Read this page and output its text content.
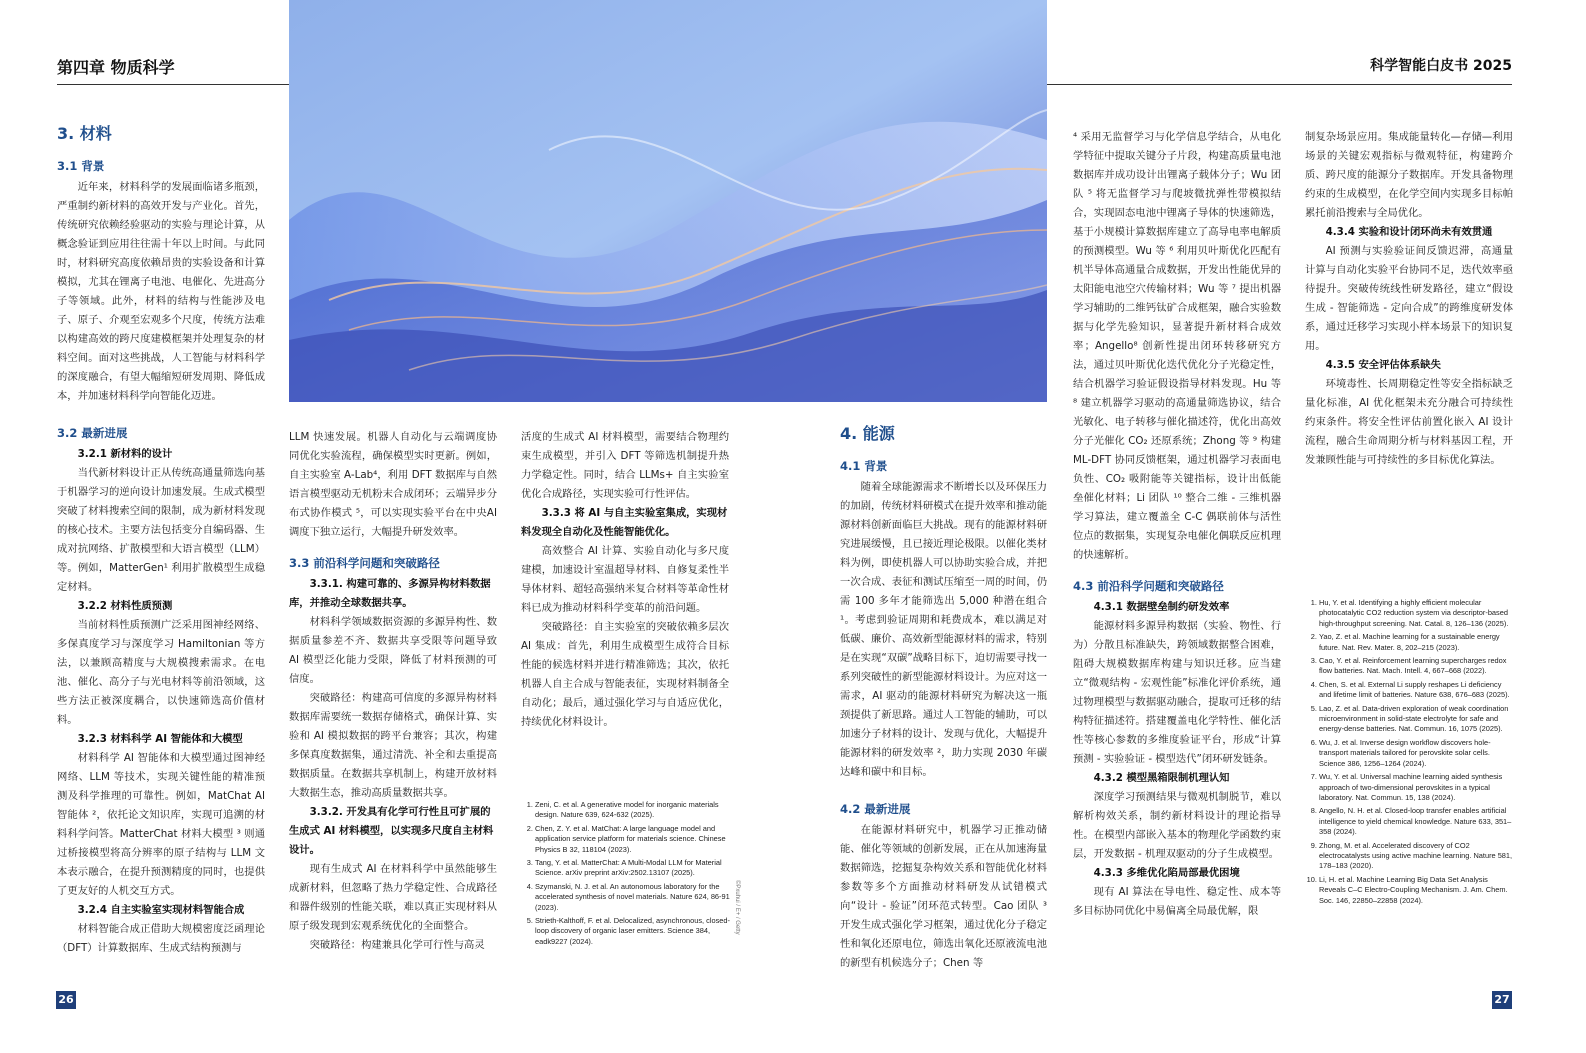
第四章 物质科学	科学智能白皮书 2025
3. 材料
3.1 背景

近年来，材料科学的发展面临诸多瓶颈，严重制约新材料的高效开发与产业化。首先，传统研究依赖经验驱动的实验与理论计算，从概念验证到应用往往需十年以上时间。与此同时，材料研究高度依赖昂贵的实验设备和计算模拟，尤其在锂离子电池、电催化、先进高分子等领域。此外，材料的结构与性能涉及电子、原子、介观至宏观多个尺度，传统方法难以构建高效的跨尺度建模框架并处理复杂的材料空间。面对这些挑战，人工智能与材料科学的深度融合，有望大幅缩短研发周期、降低成本，并加速材料科学向智能化迈进。

3.2 最新进展
3.2.1 新材料的设计

当代新材料设计正从传统高通量筛选向基于机器学习的逆向设计加速发展。生成式模型突破了材料搜索空间的限制，成为新材料发现的核心技术。主要方法包括变分自编码器、生成对抗网络、扩散模型和大语言模型（LLM）等。例如，MatterGen¹ 利用扩散模型生成稳定材料。

3.2.2 材料性质预测

当前材料性质预测广泛采用图神经网络、多保真度学习与深度学习 Hamiltonian 等方法，以兼顾高精度与大规模搜索需求。在电池、催化、高分子与光电材料等前沿领域，这些方法正被深度耦合，以快速筛选高价值材料。

3.2.3 材料科学 AI 智能体和大模型

材料科学 AI 智能体和大模型通过图神经网络、LLM 等技术，实现关键性能的精准预测及科学推理的可靠性。例如，MatChat AI 智能体 ²，依托论文知识库，实现可追溯的材料科学问答。MatterChat 材料大模型 ³ 则通过桥接模型将高分辨率的原子结构与 LLM 文本表示融合，在提升预测精度的同时，也提供了更友好的人机交互方式。

3.2.4 自主实验室实现材料智能合成

材料智能合成正借助大规模密度泛函理论（DFT）计算数据库、生成式结构预测与

LLM 快速发展。机器人自动化与云端调度协同优化实验流程，确保模型实时更新。例如，自主实验室 A-Lab⁴，利用 DFT 数据库与自然语言模型驱动无机粉末合成闭环；云端异步分布式协作模式 ⁵，可以实现实验平台在中央AI 调度下独立运行，大幅提升研发效率。

3.3 前沿科学问题和突破路径
3.3.1. 构建可靠的、多源异构材料数据库，并推动全球数据共享。

材料科学领域数据资源的多源异构性、数据质量参差不齐、数据共享受限等问题导致 AI 模型泛化能力受限，降低了材料预测的可信度。

突破路径：构建高可信度的多源异构材料数据库需要统一数据存储格式，确保计算、实验和 AI 模拟数据的跨平台兼容；其次，构建多保真度数据集，通过清洗、补全和去重提高数据质量。在数据共享机制上，构建开放材料大数据生态，推动高质量数据共享。

3.3.2. 开发具有化学可行性且可扩展的生成式 AI 材料模型，以实现多尺度自主材料设计。

现有生成式 AI 在材料科学中虽然能够生成新材料，但忽略了热力学稳定性、合成路径和器件级别的性能关联，难以真正实现材料从原子级发现到宏观系统优化的全面整合。

突破路径：构建兼具化学可行性与高灵

活度的生成式 AI 材料模型，需要结合物理约束生成模型，并引入 DFT 等筛选机制提升热力学稳定性。同时，结合 LLMs+ 自主实验室优化合成路径，实现实验可行性评估。

3.3.3 将 AI 与自主实验室集成，实现材料发现全自动化及性能智能优化。

高效整合 AI 计算、实验自动化与多尺度建模，加速设计室温超导材料、自修复柔性半导体材料、超轻高强纳米复合材料等革命性材料已成为推动材料科学变革的前沿问题。

突破路径：自主实验室的突破依赖多层次 AI 集成：首先，利用生成模型生成符合目标性能的候选材料并进行精准筛选；其次，依托机器人自主合成与智能表征，实现材料制备全自动化；最后，通过强化学习与自适应优化，持续优化材料设计。

1. Zeni, C. et al. A generative model for inorganic materials design. Nature 639, 624-632 (2025).
2. Chen, Z. Y. et al. MatChat: A large language model and application service platform for materials science. Chinese Physics B 32, 118104 (2023).
3. Tang, Y. et al. MatterChat: A Multi-Modal LLM for Material Science. arXiv preprint arXiv:2502.13107 (2025).
4. Szymanski, N. J. et al. An autonomous laboratory for the accelerated synthesis of novel materials. Nature 624, 86-91 (2023).
5. Strieth-Kalthoff, F. et al. Delocalized, asynchronous, closed-loop discovery of organic laser emitters. Science 384, eadk9227 (2024).
©Pxuhui / E+ / Getty
4. 能源
4.1 背景

随着全球能源需求不断增长以及环保压力的加剧，传统材料研模式在提升效率和推动能源材料创新面临巨大挑战。现有的能源材料研究进展缓慢，且已接近理论极限。以催化类材料为例，即使机器人可以协助实验合成，并把一次合成、表征和测试压缩至一周的时间，仍需 100 多年才能筛选出 5,000 种潜在组合 ¹。考虑到验证周期和耗费成本，难以满足对低碳、廉价、高效新型能源材料的需求，特别是在实现“双碳”战略目标下，迫切需要寻找一系列突破性的新型能源材料设计。为应对这一需求，AI 驱动的能源材料研究为解决这一瓶颈提供了新思路。通过人工智能的辅助，可以加速分子材料的设计、发现与优化，大幅提升能源材料的研发效率 ²，助力实现 2030 年碳达峰和碳中和目标。

4.2 最新进展

在能源材料研究中，机器学习正推动储能、催化等领域的创新发展，正在从加速海量数据筛选，挖掘复杂构效关系和智能优化材料参数等多个方面推动材料研发从试错模式向“设计 - 验证”闭环范式转型。Cao 团队 ³ 开发生成式强化学习框架，通过优化分子稳定性和氧化还原电位，筛选出氧化还原液流电池的新型有机候选分子；Chen 等

⁴ 采用无监督学习与化学信息学结合，从电化学特征中提取关键分子片段，构建高质量电池数据库并成功设计出锂离子载体分子；Wu 团队 ⁵ 将无监督学习与爬坡微扰弹性带模拟结合，实现固态电池中锂离子导体的快速筛选，基于小规模计算数据库建立了高导电率电解质的预测模型。Wu 等 ⁶ 利用贝叶斯优化匹配有机半导体高通量合成数据，开发出性能优异的太阳能电池空穴传输材料；Wu 等 ⁷ 提出机器学习辅助的二维钙钛矿合成框架，融合实验数据与化学先验知识，显著提升新材料合成效率；Angello⁸ 创新性提出闭环转移研究方法，通过贝叶斯优化迭代优化分子光稳定性，结合机器学习验证假设指导材料发现。Hu 等 ⁸ 建立机器学习驱动的高通量筛选协议，结合光敏化、电子转移与催化描述符，优化出高效分子光催化 CO₂ 还原系统；Zhong 等 ⁹ 构建 ML-DFT 协同反馈框架，通过机器学习表面电负性、CO₂ 吸附能等关键指标，设计出低能垒催化材料；Li 团队 ¹⁰ 整合二维 - 三维机器学习算法，建立覆盖全 C-C 偶联前体与活性位点的数据集，实现复杂电催化偶联反应机理的快速解析。

4.3 前沿科学问题和突破路径
4.3.1 数据壁垒制约研发效率

能源材料多源异构数据（实验、物性、行为）分散且标准缺失，跨领域数据整合困难，阻碍大规模数据库构建与知识迁移。应当建立“微观结构 - 宏观性能”标准化评价系统，通过物理模型与数据驱动融合，提取可迁移的结构特征描述符。搭建覆盖电化学特性、催化活性等核心参数的多维度验证平台，形成“计算预测 - 实验验证 - 模型迭代”闭环研发链条。

4.3.2 模型黑箱限制机理认知

深度学习预测结果与微观机制脱节，难以解析构效关系，制约新材料设计的理论指导性。在模型内部嵌入基本的物理化学函数约束层，开发数据 - 机理双驱动的分子生成模型。

4.3.3 多维优化陷局部最优困境

现有 AI 算法在导电性、稳定性、成本等多目标协同优化中易偏离全局最优解，限

制复杂场景应用。集成能量转化—存储—利用场景的关键宏观指标与微观特征，构建跨介质、跨尺度的能源分子数据库。开发具备物理约束的生成模型，在化学空间内实现多目标帕累托前沿搜索与全局优化。

4.3.4 实验和设计闭环尚未有效贯通

AI 预测与实验验证间反馈迟滞，高通量计算与自动化实验平台协同不足，迭代效率亟待提升。突破传统线性研发路径，建立“假设生成 - 智能筛选 - 定向合成”的跨维度研发体系，通过迁移学习实现小样本场景下的知识复用。

4.3.5 安全评估体系缺失

环境毒性、长周期稳定性等安全指标缺乏量化标准，AI 优化框架未充分融合可持续性约束条件。将安全性评估前置化嵌入 AI 设计流程，融合生命周期分析与材料基因工程，开发兼顾性能与可持续性的多目标优化算法。

1. Hu, Y. et al. Identifying a highly efficient molecular photocatalytic CO2 reduction system via descriptor-based high-throughput screening. Nat. Catal. 8, 126–136 (2025).
2. Yao, Z. et al. Machine learning for a sustainable energy future. Nat. Rev. Mater. 8, 202–215 (2023).
3. Cao, Y. et al. Reinforcement learning supercharges redox flow batteries. Nat. Mach. Intell. 4, 667–668 (2022).
4. Chen, S. et al. External Li supply reshapes Li deficiency and lifetime limit of batteries. Nature 638, 676–683 (2025).
5. Lao, Z. et al. Data-driven exploration of weak coordination microenvironment in solid-state electrolyte for safe and energy-dense batteries. Nat. Commun. 16, 1075 (2025).
6. Wu, J. et al. Inverse design workflow discovers hole-transport materials tailored for perovskite solar cells. Science 386, 1256–1264 (2024).
7. Wu, Y. et al. Universal machine learning aided synthesis approach of two-dimensional perovskites in a typical laboratory. Nat. Commun. 15, 138 (2024).
8. Angello, N. H. et al. Closed-loop transfer enables artificial intelligence to yield chemical knowledge. Nature 633, 351–358 (2024).
9. Zhong, M. et al. Accelerated discovery of CO2 electrocatalysts using active machine learning. Nature 581, 178–183 (2020).
10. Li, H. et al. Machine Learning Big Data Set Analysis Reveals C–C Electro-Coupling Mechanism. J. Am. Chem. Soc. 146, 22850–22858 (2024).
26	27
